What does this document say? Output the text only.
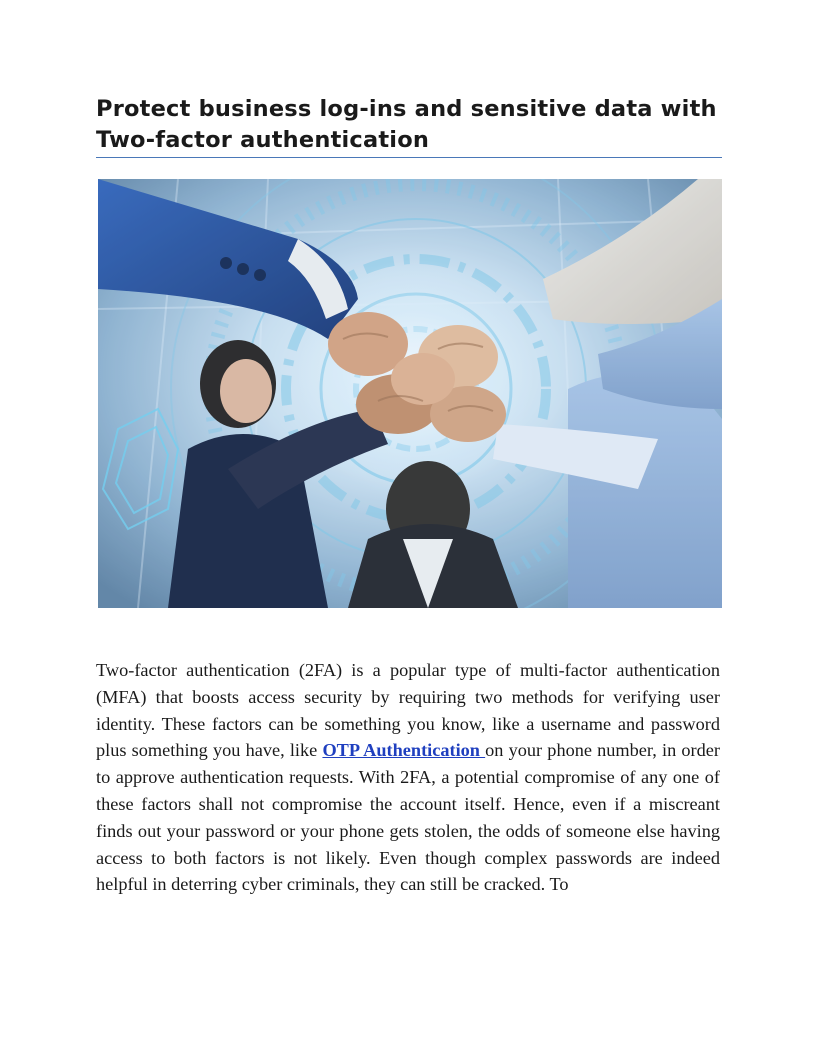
Protect business log-ins and sensitive data with Two-factor authentication

Two-factor authentication (2FA) is a popular type of multi-factor authentication (MFA) that boosts access security by requiring two methods for verifying user identity. These factors can be something you know, like a username and password plus something you have, like OTP Authentication on your phone number, in order to approve authentication requests. With 2FA, a potential compromise of any one of these factors shall not compromise the account itself. Hence, even if a miscreant finds out your password or your phone gets stolen, the odds of someone else having access to both factors is not likely. Even though complex passwords are indeed helpful in deterring cyber criminals, they can still be cracked. To
